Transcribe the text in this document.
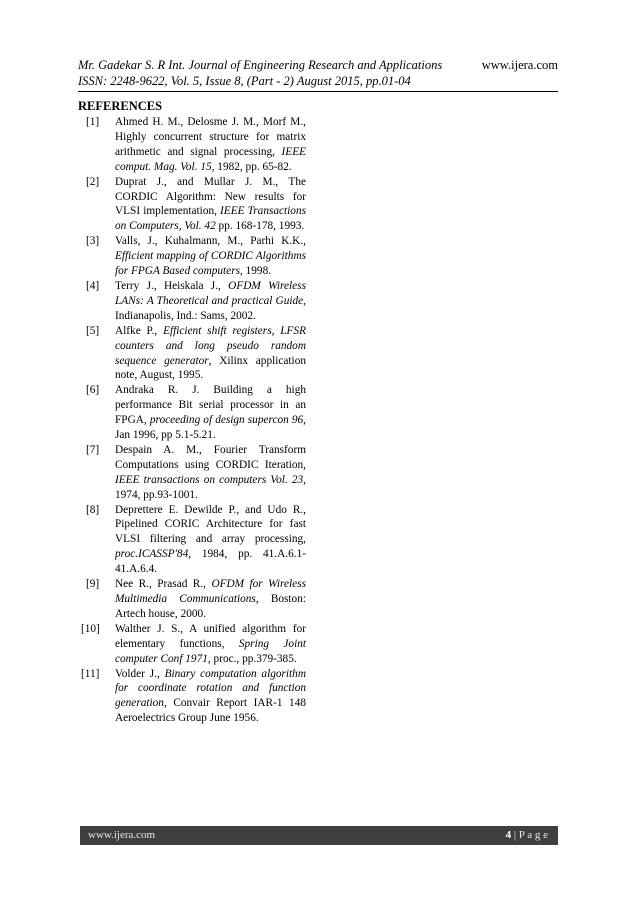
Mr. Gadekar S. R Int. Journal of Engineering Research and Applications
ISSN: 2248-9622, Vol. 5, Issue 8, (Part - 2) August 2015, pp.01-04
www.ijera.com
REFERENCES

[1] Ahmed H. M., Delosme J. M., Morf M., Highly concurrent structure for matrix arithmetic and signal processing, IEEE comput. Mag. Vol. 15, 1982, pp. 65-82.

[2] Duprat J., and Mullar J. M., The CORDIC Algorithm: New results for VLSI implementation, IEEE Transactions on Computers, Vol. 42 pp. 168-178, 1993.

[3] Valls, J., Kuhalmann, M., Parhi K.K., Efficient mapping of CORDIC Algorithms for FPGA Based computers, 1998.

[4] Terry J., Heiskala J., OFDM Wireless LANs: A Theoretical and practical Guide, Indianapolis, Ind.: Sams, 2002.

[5] Alfke P., Efficient shift registers, LFSR counters and long pseudo random sequence generator, Xilinx application note, August, 1995.

[6] Andraka R. J. Building a high performance Bit serial processor in an FPGA, proceeding of design supercon 96, Jan 1996, pp 5.1-5.21.

[7] Despain A. M., Fourier Transform Computations using CORDIC Iteration, IEEE transactions on computers Vol. 23, 1974, pp.93-1001.

[8] Deprettere E. Dewilde P., and Udo R., Pipelined CORIC Architecture for fast VLSI filtering and array processing, proc.ICASSP'84, 1984, pp. 41.A.6.1-41.A.6.4.

[9] Nee R., Prasad R., OFDM for Wireless Multimedia Communications, Boston: Artech house, 2000.

[10] Walther J. S., A unified algorithm for elementary functions, Spring Joint computer Conf 1971, proc., pp.379-385.

[11] Volder J., Binary computation algorithm for coordinate rotation and function generation, Convair Report IAR-1 148 Aeroelectrics Group June 1956.

www.ijera.com	4 | P a g e
